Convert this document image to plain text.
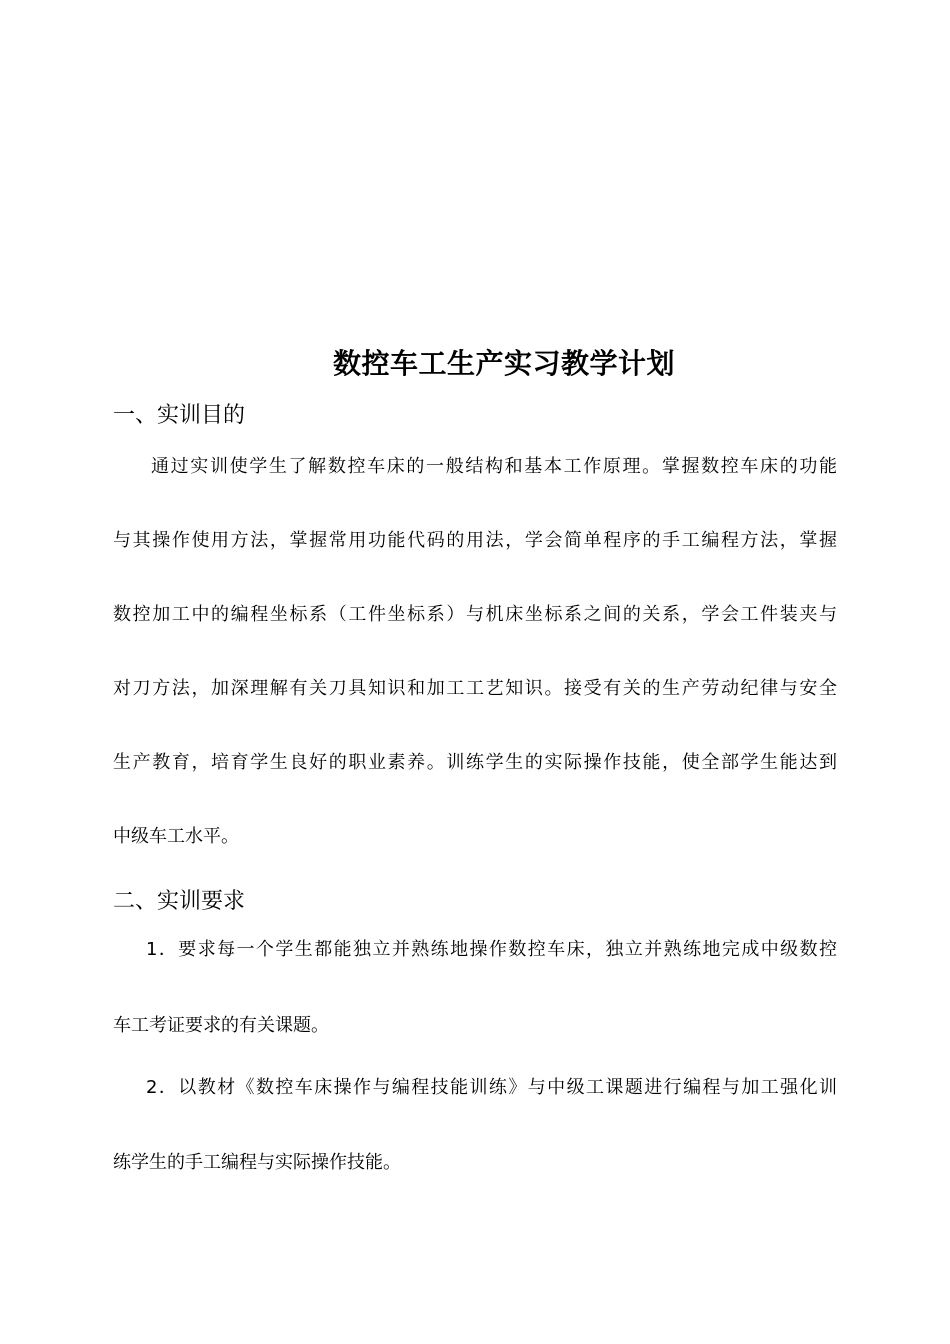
数控车工生产实习教学计划
一、实训目的
通过实训使学生了解数控车床的一般结构和基本工作原理。掌握数控车床的功能
与其操作使用方法，掌握常用功能代码的用法，学会简单程序的手工编程方法，掌握
数控加工中的编程坐标系（工件坐标系）与机床坐标系之间的关系，学会工件装夹与
对刀方法，加深理解有关刀具知识和加工工艺知识。接受有关的生产劳动纪律与安全
生产教育，培育学生良好的职业素养。训练学生的实际操作技能，使全部学生能达到
中级车工水平。
二、实训要求
1．要求每一个学生都能独立并熟练地操作数控车床，独立并熟练地完成中级数控
车工考证要求的有关课题。
2．以教材《数控车床操作与编程技能训练》与中级工课题进行编程与加工强化训
练学生的手工编程与实际操作技能。
